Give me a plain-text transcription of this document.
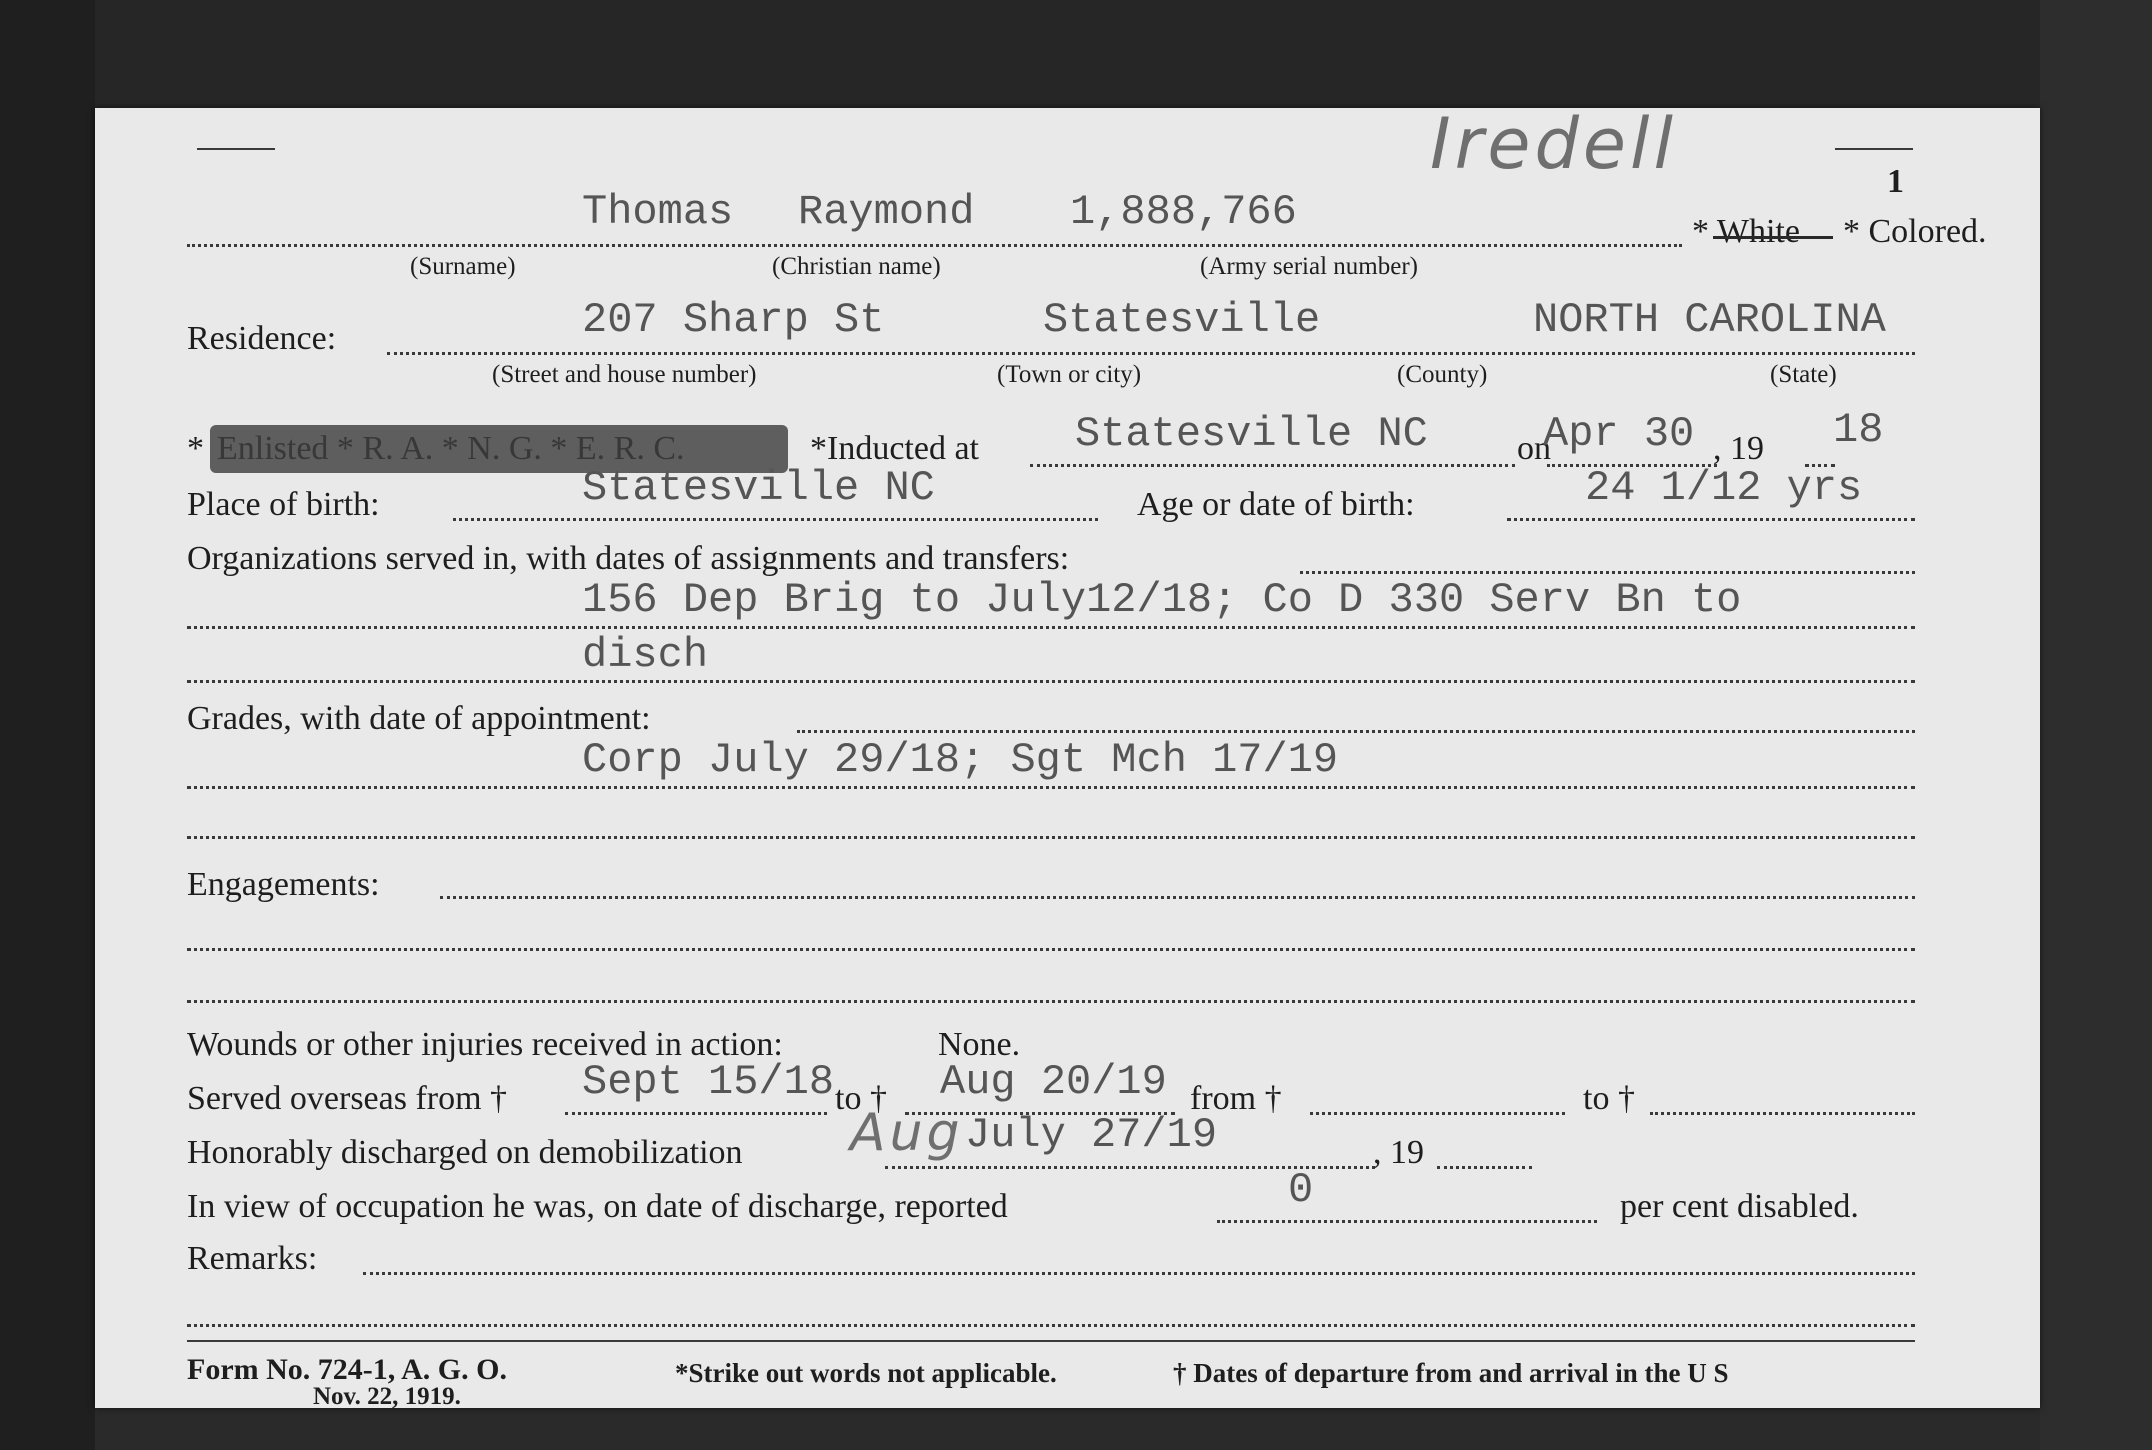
Iredell	1
Thomas Raymond 1,888,766	* White * Colored.
(Surname)	(Christian name)	(Army serial number)
Residence:	207 Sharp St	Statesville	NORTH CAROLINA
(Street and house number)	(Town or city)	(County)	(State)
* Enlisted * R. A. * N. G. * E. R. C.	*Inducted at Statesville NC	on
Apr 30 , 19 18
Place of birth:	Statesville NC	Age or date of birth:	24 1/12 yrs
Organizations served in, with dates of assignments and transfers:
156 Dep Brig to July12/18; Co D 330 Serv Bn to
disch
Grades, with date of appointment:
Corp July 29/18; Sgt Mch 17/19
Engagements:
Wounds or other injuries received in action:	None.
Served overseas from † Sept 15/18 to † Aug 20/19 from †	to †
Honorably discharged on demobilization Aug July 27/19	, 19
In view of occupation he was, on date of discharge, reported	0	per cent disabled.
Remarks:
Form No. 724-1, A. G. O.
Nov. 22, 1919.
*Strike out words not applicable.	† Dates of departure from and arrival in the U S
